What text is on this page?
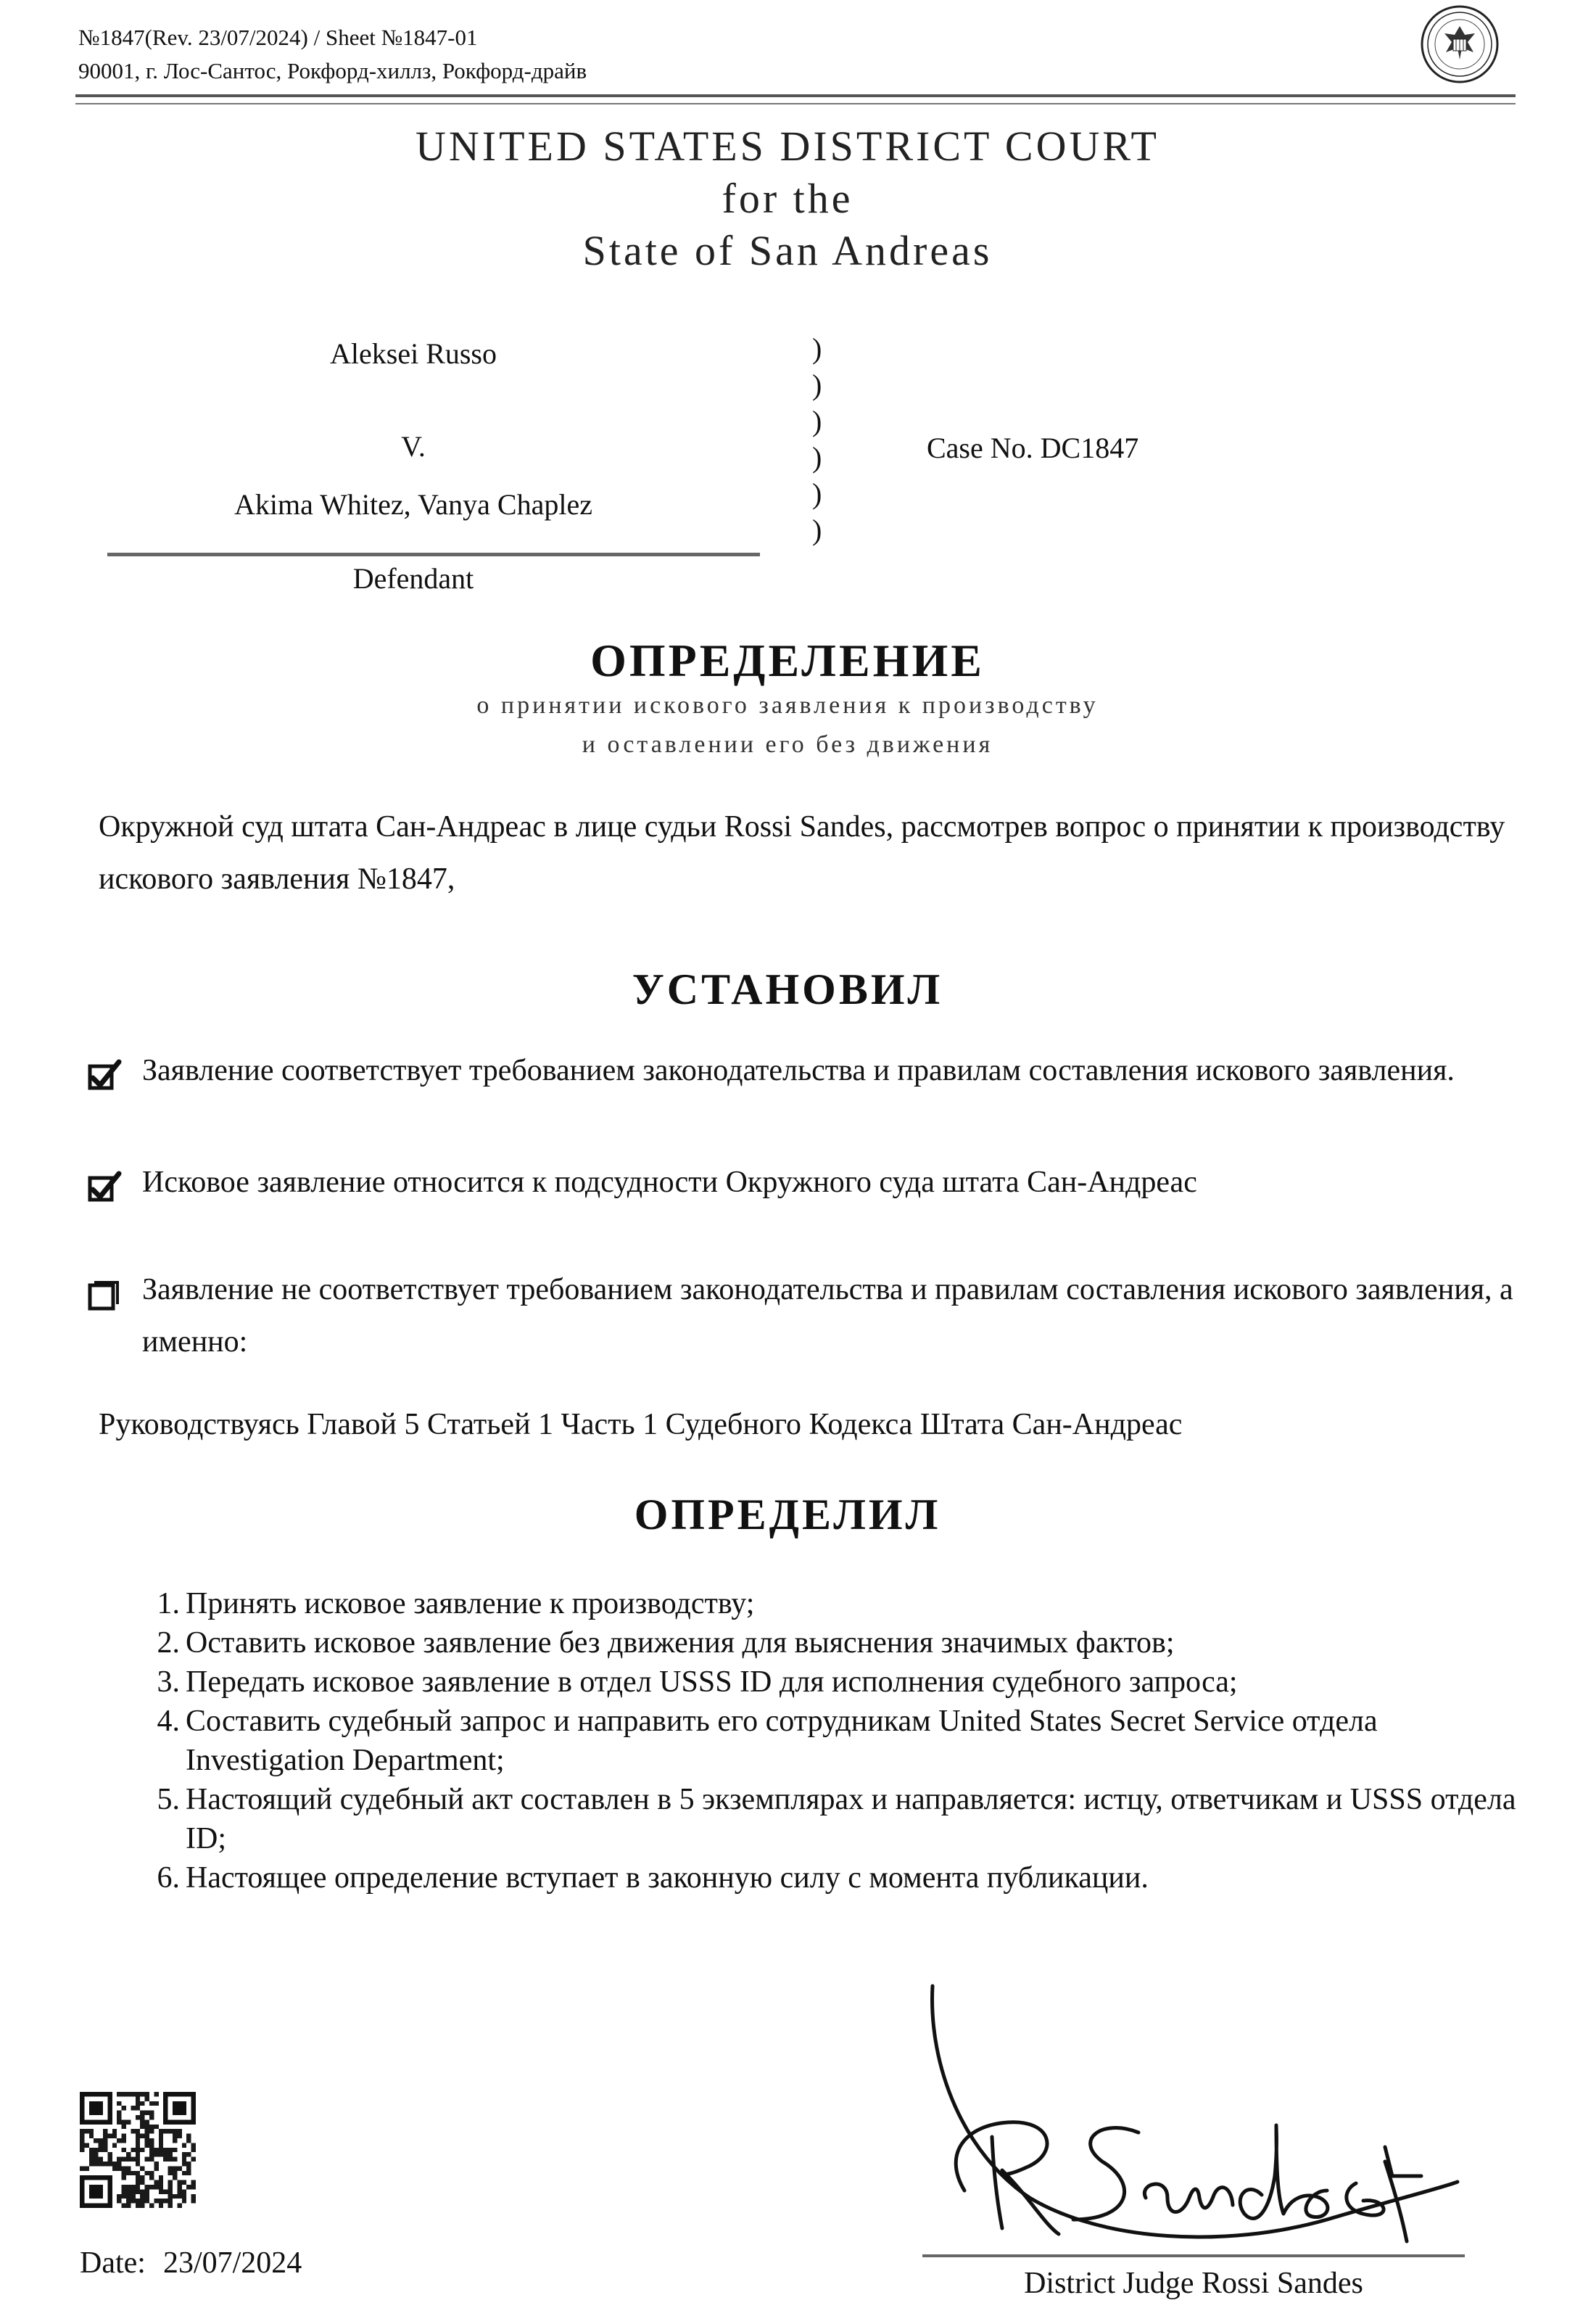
№1847(Rev. 23/07/2024) / Sheet №1847-01
90001, г. Лос-Сантос, Рокфорд-хиллз, Рокфорд-драйв
UNITED STATES DISTRICT COURT
for the
State of San Andreas
Aleksei Russo
V.
Akima Whitez, Vanya Chaplez
Defendant
)
)
)
)
)
)
Case No. DC1847
ОПРЕДЕЛЕНИЕ
о принятии искового заявления к производству
и оставлении его без движения
Окружной суд штата Сан-Андреас в лице судьи Rossi Sandes, рассмотрев вопрос о принятии к производству искового заявления №1847,
УСТАНОВИЛ
Заявление соответствует требованием законодательства и правилам составления искового заявления.
Исковое заявление относится к подсудности Окружного суда штата Сан-Андреас
Заявление не соответствует требованием законодательства и правилам составления искового заявления, а именно:
Руководствуясь Главой 5 Статьей 1 Часть 1 Судебного Кодекса Штата Сан-Андреас
ОПРЕДЕЛИЛ
1. Принять исковое заявление к производству;
2. Оставить исковое заявление без движения для выяснения значимых фактов;
3. Передать исковое заявление в отдел USSS ID для исполнения судебного запроса;
4. Составить судебный запрос и направить его сотрудникам United States Secret Service отдела Investigation Department;
5. Настоящий судебный акт составлен в 5 экземплярах и направляется: истцу, ответчикам и USSS отдела ID;
6. Настоящее определение вступает в законную силу с момента публикации.
Date: 23/07/2024
District Judge Rossi Sandes
